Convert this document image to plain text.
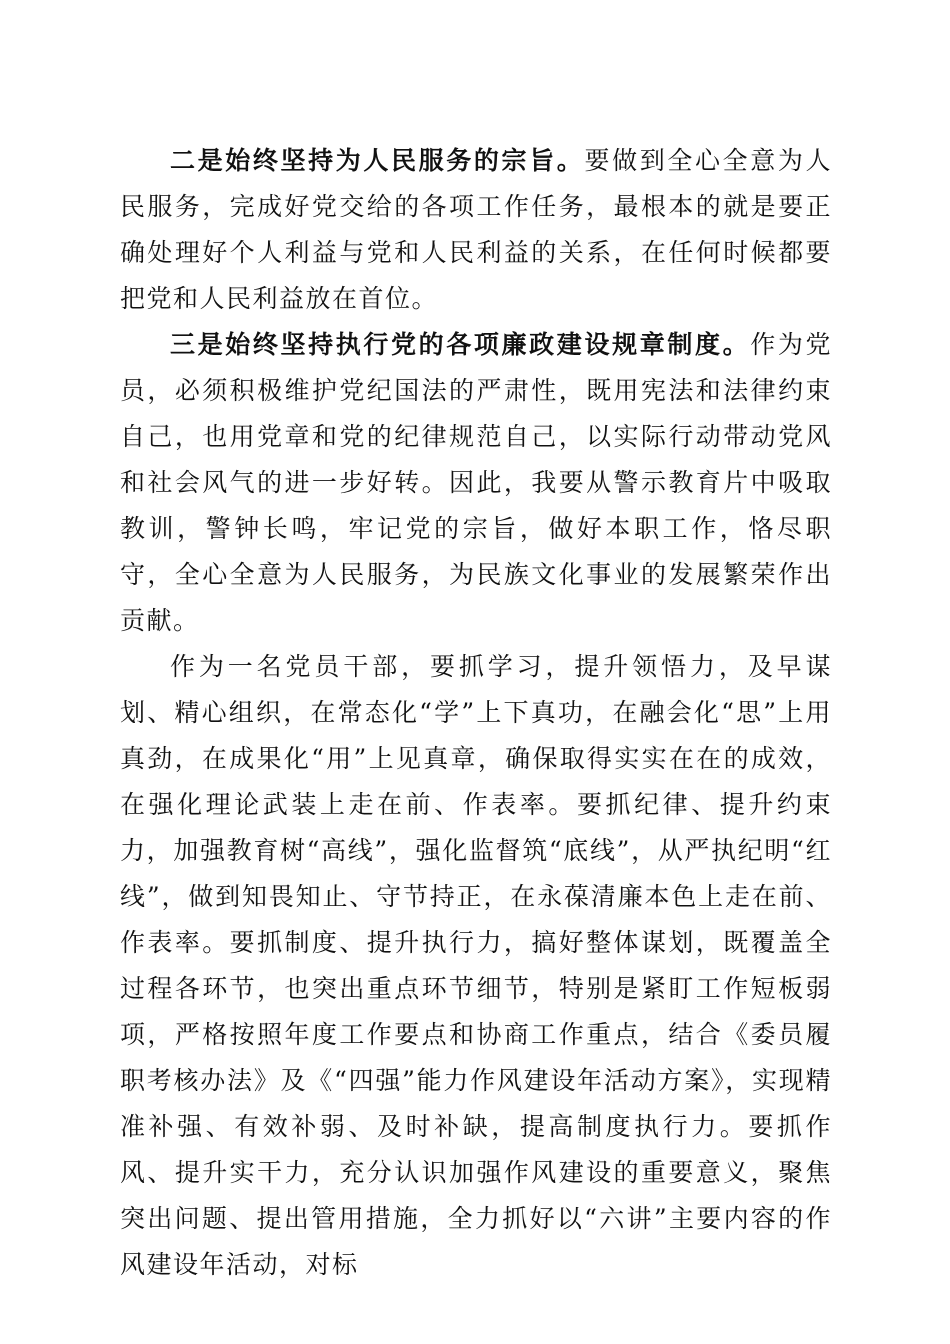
二是始终坚持为人民服务的宗旨。要做到全心全意为人民服务，完成好党交给的各项工作任务，最根本的就是要正确处理好个人利益与党和人民利益的关系，在任何时候都要把党和人民利益放在首位。

三是始终坚持执行党的各项廉政建设规章制度。作为党员，必须积极维护党纪国法的严肃性，既用宪法和法律约束自己，也用党章和党的纪律规范自己，以实际行动带动党风和社会风气的进一步好转。因此，我要从警示教育片中吸取教训，警钟长鸣，牢记党的宗旨，做好本职工作，恪尽职守，全心全意为人民服务，为民族文化事业的发展繁荣作出贡献。

作为一名党员干部，要抓学习，提升领悟力，及早谋划、精心组织，在常态化“学”上下真功，在融会化“思”上用真劲，在成果化“用”上见真章，确保取得实实在在的成效，在强化理论武装上走在前、作表率。要抓纪律、提升约束力，加强教育树“高线”，强化监督筑“底线”，从严执纪明“红线”，做到知畏知止、守节持正，在永葆清廉本色上走在前、作表率。要抓制度、提升执行力，搞好整体谋划，既覆盖全过程各环节，也突出重点环节细节，特别是紧盯工作短板弱项，严格按照年度工作要点和协商工作重点，结合《委员履职考核办法》及《“四强”能力作风建设年活动方案》，实现精准补强、有效补弱、及时补缺，提高制度执行力。要抓作风、提升实干力，充分认识加强作风建设的重要意义，聚焦突出问题、提出管用措施，全力抓好以“六讲”主要内容的作风建设年活动，对标
